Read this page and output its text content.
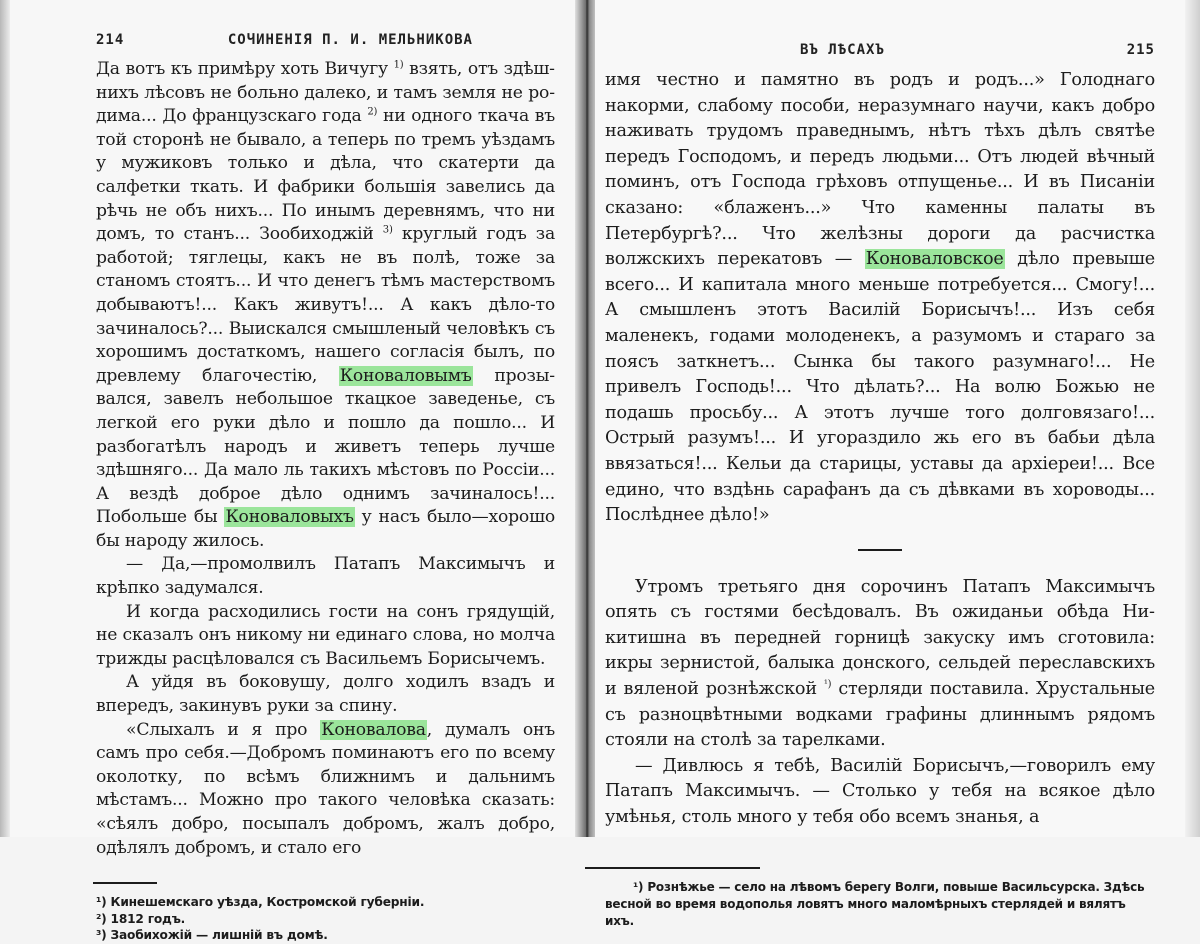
214	СОЧИНЕНІЯ П. И. МЕЛЬНИКОВА

Да вотъ къ примѣру хоть Вичугу $^{1)}$ взять, отъ здѣшнихъ лѣсовъ не больно далеко, и тамъ земля не родима... До французскаго года $^{2)}$ ни одного ткача въ той сторонѣ не бывало, а теперь по тремъ уѣздамъ у мужиковъ только и дѣла, что скатерти да салфетки ткать. И фабрики большія завелись да рѣчь не объ нихъ... По инымъ деревнямъ, что ни домъ, то станъ... Зообиходжій $^{3)}$ круглый годъ за работой; тяглецы, какъ не въ полѣ, тоже за станомъ стоятъ... И что денегъ тѣмъ мастерствомъ добываютъ!... Какъ живутъ!... А какъ дѣло-то зачиналось?... Выискался смышленый человѣкъ съ хорошимъ достаткомъ, нашего согласія былъ, по древлему благочестію, Коноваловымъ прозывался, завелъ небольшое ткацкое заведенье, съ легкой его руки дѣло и пошло да пошло... И разбогатѣлъ народъ и живетъ теперь лучше здѣшняго... Да мало ль такихъ мѣстовъ по Россіи... А вездѣ доброе дѣло однимъ зачиналось!... Побольше бы Коноваловыхъ у насъ было—хорошо бы народу жилось.

— Да,—промолвилъ Патапъ Максимычъ и крѣпко задумался.

И когда расходились гости на сонъ грядущій, не сказалъ онъ никому ни единаго слова, но молча трижды расцѣловался съ Васильемъ Борисычемъ.

А уйдя въ боковушу, долго ходилъ взадъ и впередъ, закинувъ руки за спину.

«Слыхалъ и я про Коновалова, думалъ онъ самъ про себя.—Добромъ поминаютъ его по всему околотку, по всѣмъ ближнимъ и дальнимъ мѣстамъ... Можно про такого человѣка сказать: «сѣялъ добро, посыпалъ добромъ, жалъ добро, одѣлялъ добромъ, и стало его

¹) Кинешемскаго уѣзда, Костромской губерніи.

²) 1812 годъ.

³) Заобихожій — лишній въ домѣ.

ВЪ ЛѢСАХЪ	215

имя честно и памятно въ родъ и родъ...» Голоднаго накорми, слабому пособи, неразумнаго научи, какъ добро наживать трудомъ праведнымъ, нѣтъ тѣхъ дѣлъ святѣе передъ Господомъ, и передъ людьми... Отъ людей вѣчный поминъ, отъ Господа грѣховъ отпущенье... И въ Писаніи сказано: «блаженъ...» Что каменны палаты въ Петербургѣ?... Что желѣзны дороги да расчистка волжскихъ перекатовъ — Коноваловское дѣло превыше всего... И капитала много меньше потребуется... Смогу!... А смышленъ этотъ Василій Борисычъ!... Изъ себя маленекъ, годами молоденекъ, а разумомъ и стараго за поясъ заткнетъ... Сынка бы такого разумнаго!... Не привелъ Господь!... Что дѣлать?... На волю Божью не подашь просьбу... А этотъ лучше того долговязаго!... Острый разумъ!... И угораздило жь его въ бабьи дѣла ввязаться!... Кельи да старицы, уставы да архіереи!... Все едино, что вздѣнь сарафанъ да съ дѣвками въ хороводы... Послѣднее дѣло!»

Утромъ третьяго дня сорочинъ Патапъ Максимычъ опять съ гостями бесѣдовалъ. Въ ожиданьи обѣда Никитишна въ передней горницѣ закуску имъ сготовила: икры зернистой, балыка донского, сельдей переславскихъ и вяленой рознѣжской $^{^1)}$ стерляди поставила. Хрустальные съ разноцвѣтными водками графины длиннымъ рядомъ стояли на столѣ за тарелками.

— Дивлюсь я тебѣ, Василій Борисычъ,—говорилъ ему Патапъ Максимычъ. — Столько у тебя на всякое дѣло умѣнья, столь много у тебя обо всемъ знанья, а

¹) Рознѣжье — село на лѣвомъ берегу Волги, повыше Васильсурска. Здѣсь весной во время водополья ловятъ много маломѣрныхъ стерлядей и вялятъ ихъ.
